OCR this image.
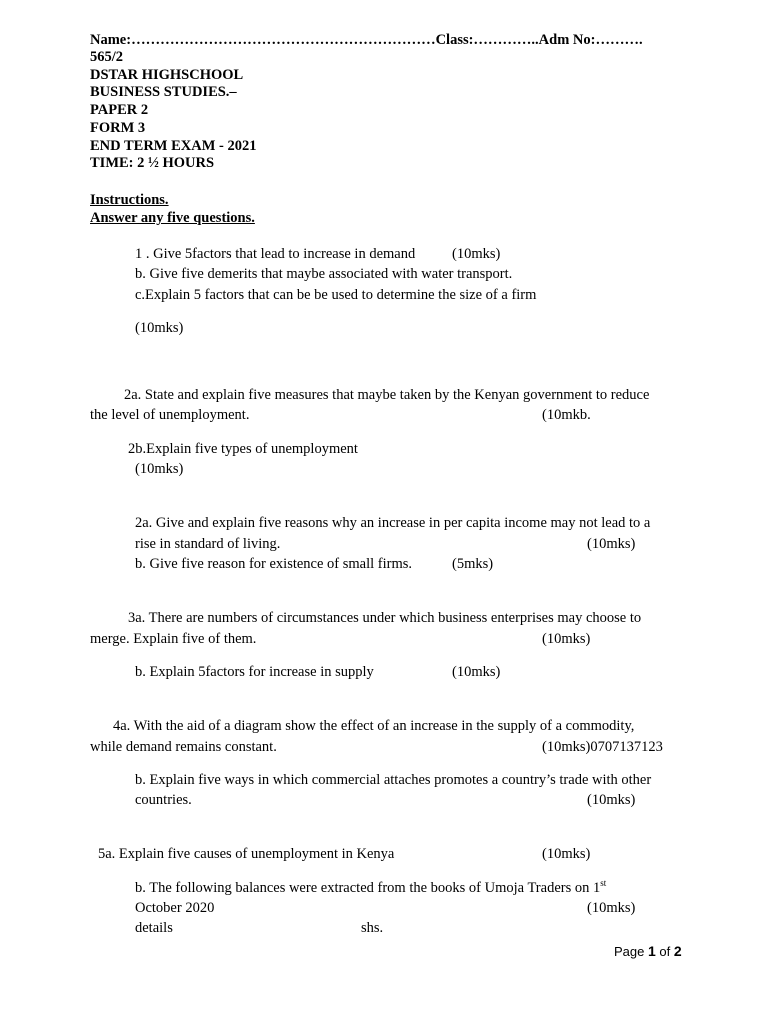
Name:………………………………………………………Class:…………..Adm No:……….
565/2
DSTAR HIGHSCHOOL
BUSINESS STUDIES.–
PAPER 2
FORM 3
END TERM EXAM - 2021
TIME: 2 ½ HOURS
Instructions.
Answer any five questions.
1 . Give 5factors that lead to increase in demand	(10mks)
b. Give five demerits that maybe associated with water transport.
c.Explain 5 factors that can be be used to determine the size of a firm
(10mks)
2a. State and explain five measures that maybe taken by the Kenyan government to reduce
the level of unemployment.	(10mkb.
2b.Explain five types of unemployment
(10mks)
2a. Give and explain five reasons why an increase in per capita income may not lead to a
rise in standard of living.	(10mks)
b. Give five reason for existence of small firms.	(5mks)
3a. There are numbers of circumstances under which business enterprises may choose to
merge. Explain five of them.	(10mks)
b. Explain 5factors for increase in supply	(10mks)
4a. With the aid of a diagram show the effect of an increase in the supply of a commodity,
while demand remains constant.	(10mks)0707137123
b. Explain five ways in which commercial attaches promotes a country’s trade with other
countries.	(10mks)
5a. Explain five causes of unemployment in Kenya	(10mks)
b. The following balances were extracted from the books of Umoja Traders on 1st
October 2020	(10mks)
details	shs.
Page 1 of 2
